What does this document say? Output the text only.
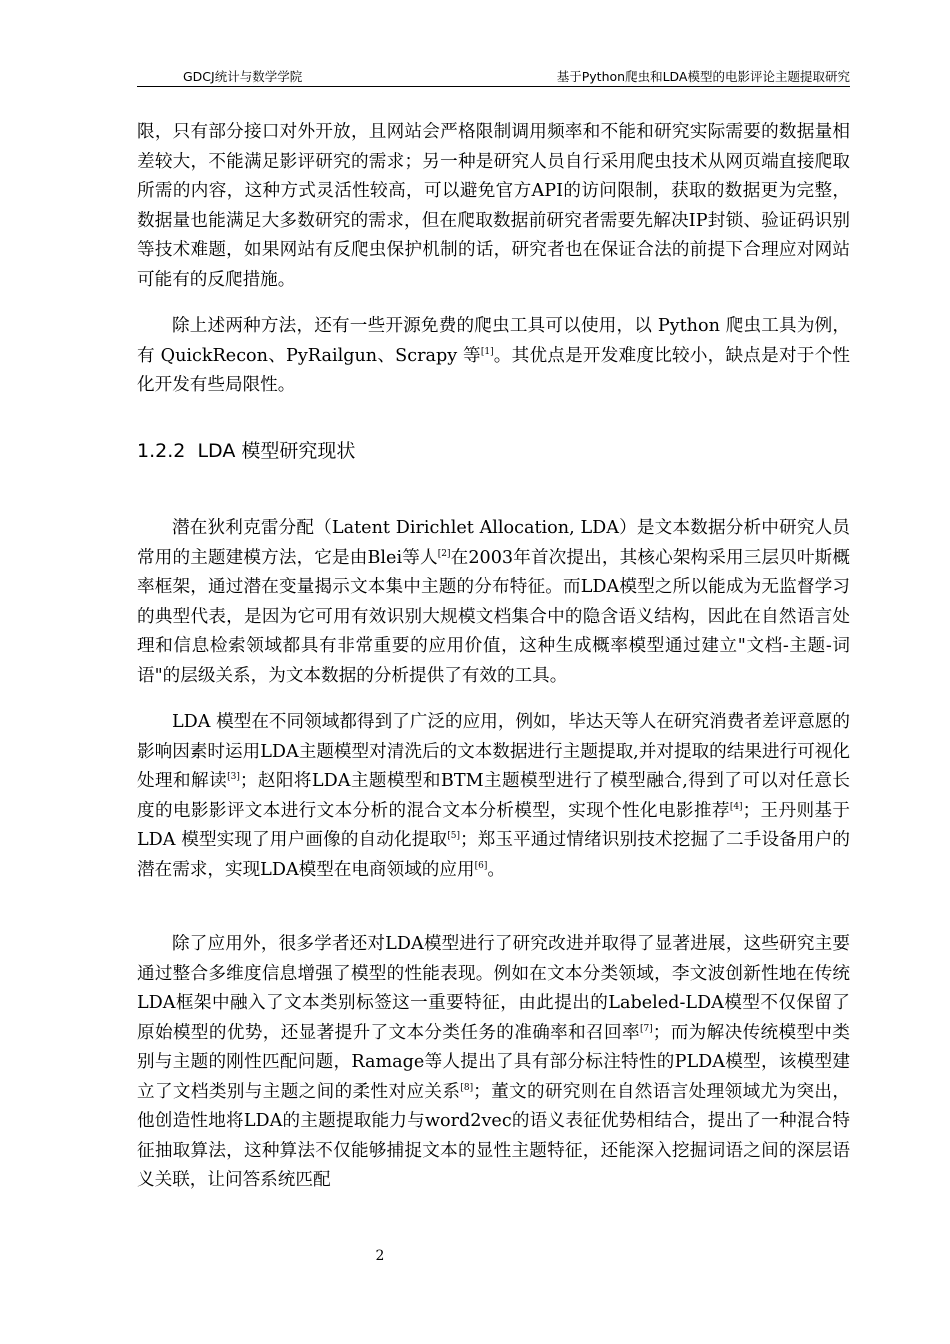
GDCJ统计与数学学院	基于Python爬虫和LDA模型的电影评论主题提取研究

限，只有部分接口对外开放，且网站会严格限制调用频率和不能和研究实际需要的数据量相差较大，不能满足影评研究的需求；另一种是研究人员自行采用爬虫技术从网页端直接爬取所需的内容，这种方式灵活性较高，可以避免官方API的访问限制，获取的数据更为完整，数据量也能满足大多数研究的需求，但在爬取数据前研究者需要先解决IP封锁、验证码识别等技术难题，如果网站有反爬虫保护机制的话，研究者也在保证合法的前提下合理应对网站可能有的反爬措施。

除上述两种方法，还有一些开源免费的爬虫工具可以使用，以 Python 爬虫工具为例，有 QuickRecon、PyRailgun、Scrapy 等[1]。其优点是开发难度比较小，缺点是对于个性化开发有些局限性。

1.2.2 LDA 模型研究现状

潜在狄利克雷分配（Latent Dirichlet Allocation, LDA）是文本数据分析中研究人员常用的主题建模方法，它是由Blei等人[2]在2003年首次提出，其核心架构采用三层贝叶斯概率框架，通过潜在变量揭示文本集中主题的分布特征。而LDA模型之所以能成为无监督学习的典型代表，是因为它可用有效识别大规模文档集合中的隐含语义结构，因此在自然语言处理和信息检索领域都具有非常重要的应用价值，这种生成概率模型通过建立"文档-主题-词语"的层级关系，为文本数据的分析提供了有效的工具。

LDA 模型在不同领域都得到了广泛的应用，例如，毕达天等人在研究消费者差评意愿的影响因素时运用LDA主题模型对清洗后的文本数据进行主题提取,并对提取的结果进行可视化处理和解读[3]；赵阳将LDA主题模型和BTM主题模型进行了模型融合,得到了可以对任意长度的电影影评文本进行文本分析的混合文本分析模型，实现个性化电影推荐[4]；王丹则基于 LDA 模型实现了用户画像的自动化提取[5]；郑玉平通过情绪识别技术挖掘了二手设备用户的潜在需求，实现LDA模型在电商领域的应用[6]。

除了应用外，很多学者还对LDA模型进行了研究改进并取得了显著进展，这些研究主要通过整合多维度信息增强了模型的性能表现。例如在文本分类领域，李文波创新性地在传统LDA框架中融入了文本类别标签这一重要特征，由此提出的Labeled-LDA模型不仅保留了原始模型的优势，还显著提升了文本分类任务的准确率和召回率[7]；而为解决传统模型中类别与主题的刚性匹配问题，Ramage等人提出了具有部分标注特性的PLDA模型，该模型建立了文档类别与主题之间的柔性对应关系[8]；董文的研究则在自然语言处理领域尤为突出，他创造性地将LDA的主题提取能力与word2vec的语义表征优势相结合，提出了一种混合特征抽取算法，这种算法不仅能够捕捉文本的显性主题特征，还能深入挖掘词语之间的深层语义关联，让问答系统匹配

2
